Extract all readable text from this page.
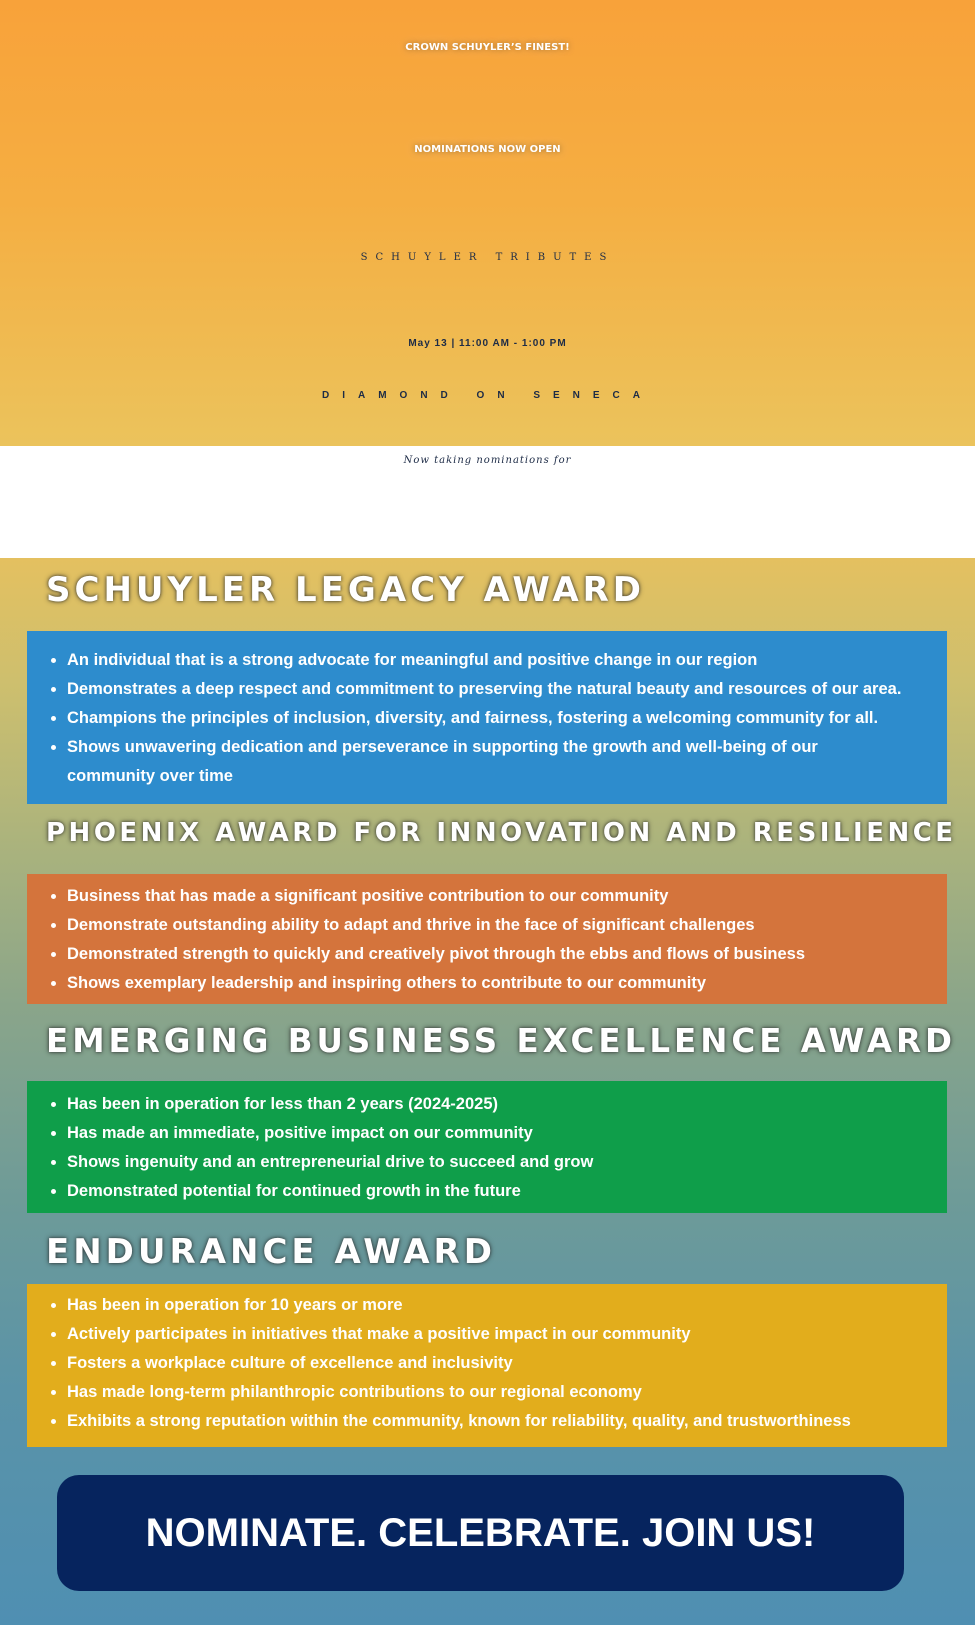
CROWN SCHUYLER’S FINEST!
NOMINATIONS NOW OPEN
SCHUYLER TRIBUTES
May 13 | 11:00 AM - 1:00 PM
DIAMOND ON SENECA
Now taking nominations for
SCHUYLER LEGACY AWARD
• An individual that is a strong advocate for meaningful and positive change in our region
• Demonstrates a deep respect and commitment to preserving the natural beauty and resources of our area.
• Champions the principles of inclusion, diversity, and fairness, fostering a welcoming community for all.
• Shows unwavering dedication and perseverance in supporting the growth and well-being of our community over time
PHOENIX AWARD FOR INNOVATION AND RESILIENCE
• Business that has made a significant positive contribution to our community
• Demonstrate outstanding ability to adapt and thrive in the face of significant challenges
• Demonstrated strength to quickly and creatively pivot through the ebbs and flows of business
• Shows exemplary leadership and inspiring others to contribute to our community
EMERGING BUSINESS EXCELLENCE AWARD
• Has been in operation for less than 2 years (2024-2025)
• Has made an immediate, positive impact on our community
• Shows ingenuity and an entrepreneurial drive to succeed and grow
• Demonstrated potential for continued growth in the future
ENDURANCE AWARD
• Has been in operation for 10 years or more
• Actively participates in initiatives that make a positive impact in our community
• Fosters a workplace culture of excellence and inclusivity
• Has made long-term philanthropic contributions to our regional economy
• Exhibits a strong reputation within the community, known for reliability, quality, and trustworthiness
NOMINATE. CELEBRATE. JOIN US!
